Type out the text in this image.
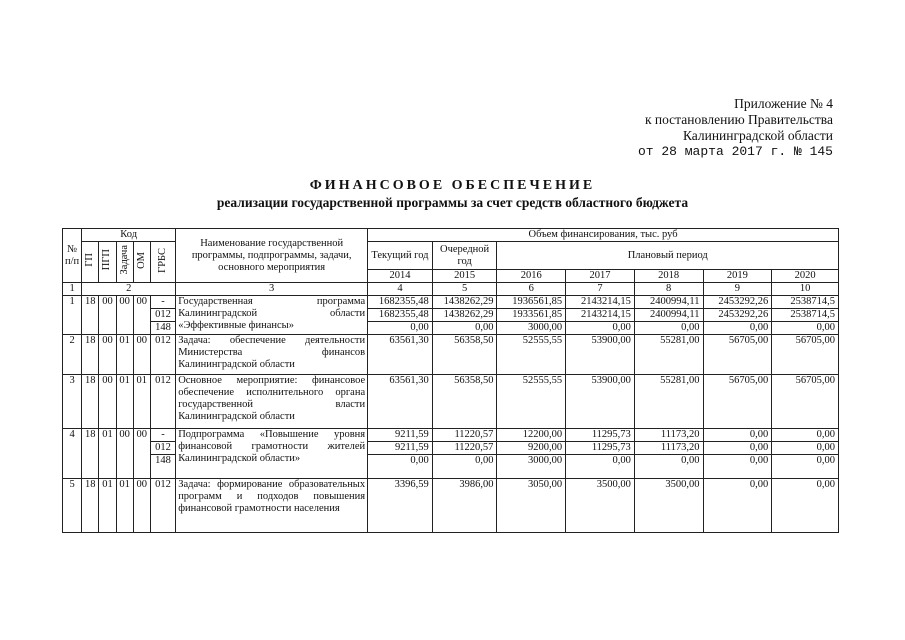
Приложение № 4
к постановлению Правительства
Калининградской области
от 28 марта 2017 г. № 145
ФИНАНСОВОЕ ОБЕСПЕЧЕНИЕ
реализации государственной программы за счет средств областного бюджета
№ п/п	Код					Наименование государственной программы, подпрограммы, задачи, основного мероприятия	Объем финансирования, тыс. руб						
	ГП	ПГП	Задача	ОМ	ГРБС		Текущий год	Очередной год	Плановый период				
							2014	2015	2016	2017	2018	2019	2020
1	2					3	4	5	6	7	8	9	10
1	18	00	00	00	-	Государственная программа Калининградской области «Эффективные финансы»	1682355,48	1438262,29	1936561,85	2143214,15	2400994,11	2453292,26	2538714,5
					012		1682355,48	1438262,29	1933561,85	2143214,15	2400994,11	2453292,26	2538714,5
					148		0,00	0,00	3000,00	0,00	0,00	0,00	0,00
2	18	00	01	00	012	Задача: обеспечение деятельности Министерства финансов Калининградской области	63561,30	56358,50	52555,55	53900,00	55281,00	56705,00	56705,00
3	18	00	01	01	012	Основное мероприятие: финансовое обеспечение исполнительного органа государственной власти Калининградской области	63561,30	56358,50	52555,55	53900,00	55281,00	56705,00	56705,00
4	18	01	00	00	-	Подпрограмма «Повышение уровня финансовой грамотности жителей Калининградской области»	9211,59	11220,57	12200,00	11295,73	11173,20	0,00	0,00
					012		9211,59	11220,57	9200,00	11295,73	11173,20	0,00	0,00
					148		0,00	0,00	3000,00	0,00	0,00	0,00	0,00
5	18	01	01	00	012	Задача: формирование образовательных программ и подходов повышения финансовой грамотности населения	3396,59	3986,00	3050,00	3500,00	3500,00	0,00	0,00
